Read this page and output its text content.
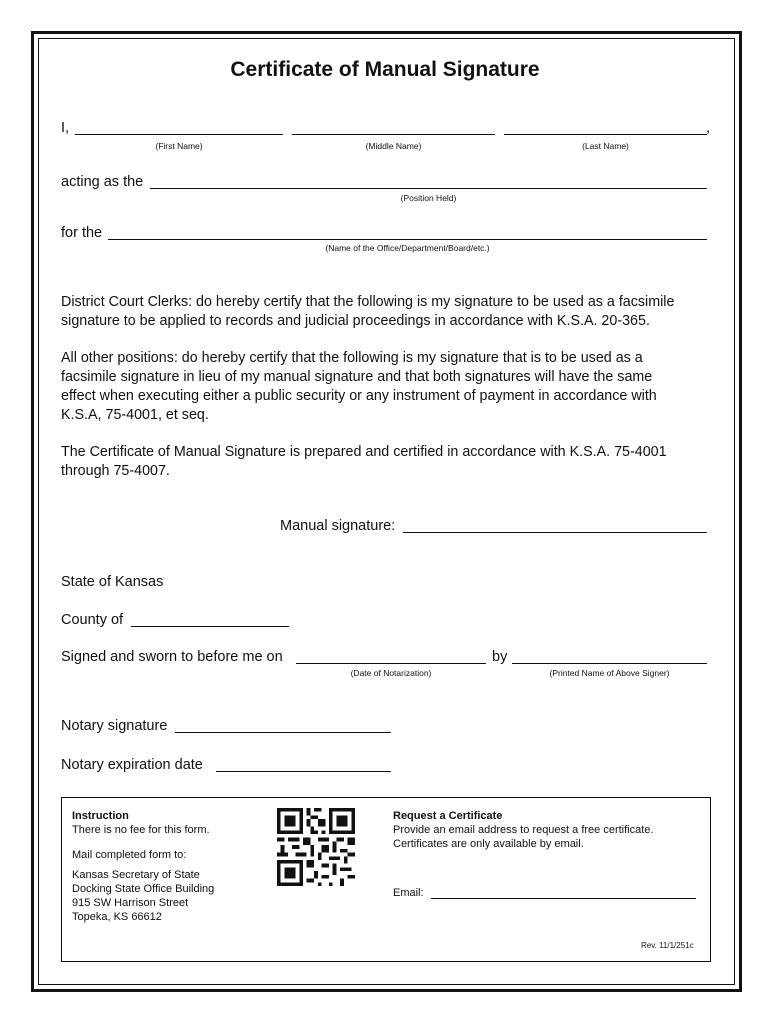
Certificate of Manual Signature
I,	,
(First Name)	(Middle Name)	(Last Name)
acting as the
(Position Held)
for the
(Name of the Office/Department/Board/etc.)
District Court Clerks: do hereby certify that the following is my signature to be used as a facsimile
signature to be applied to records and judicial proceedings in accordance with K.S.A. 20-365.
All other positions: do hereby certify that the following is my signature that is to be used as a
facsimile signature in lieu of my manual signature and that both signatures will have the same
effect when executing either a public security or any instrument of payment in accordance with
K.S.A, 75-4001, et seq.
The Certificate of Manual Signature is prepared and certified in accordance with K.S.A. 75-4001
through 75-4007.
Manual signature:
State of Kansas
County of
Signed and sworn to before me on	by
(Date of Notarization)	(Printed Name of Above Signer)
Notary signature
Notary expiration date
Instruction
There is no fee for this form.
Mail completed form to:
Kansas Secretary of State
Docking State Office Building
915 SW Harrison Street
Topeka, KS 66612
Request a Certificate
Provide an email address to request a free certificate.
Certificates are only available by email.
Email:
Rev. 11/1/251c
